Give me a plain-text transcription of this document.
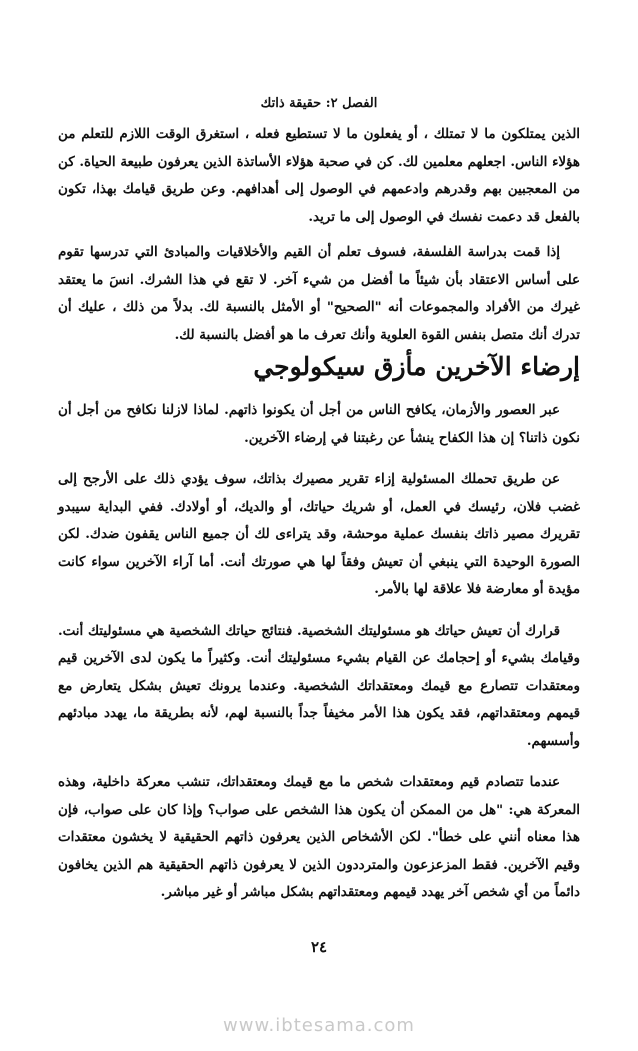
الفصل ٢: حقيقة ذاتك

الذين يمتلكون ما لا تمتلك ، أو يفعلون ما لا تستطيع فعله ، استغرق الوقت اللازم للتعلم من هؤلاء الناس. اجعلهم معلمين لك. كن في صحبة هؤلاء الأساتذة الذين يعرفون طبيعة الحياة. كن من المعجبين بهم وقدرهم وادعمهم في الوصول إلى أهدافهم. وعن طريق قيامك بهذا، تكون بالفعل قد دعمت نفسك في الوصول إلى ما تريد.

إذا قمت بدراسة الفلسفة، فسوف تعلم أن القيم والأخلاقيات والمبادئ التي تدرسها تقوم على أساس الاعتقاد بأن شيئاً ما أفضل من شيء آخر. لا تقع في هذا الشرك. انسَ ما يعتقد غيرك من الأفراد والمجموعات أنه "الصحيح" أو الأمثل بالنسبة لك. بدلاً من ذلك ، عليك أن تدرك أنك متصل بنفس القوة العلوية وأنك تعرف ما هو أفضل بالنسبة لك.

إرضاء الآخرين مأزق سيكولوجي

عبر العصور والأزمان، يكافح الناس من أجل أن يكونوا ذاتهم. لماذا لازلنا نكافح من أجل أن نكون ذاتنا؟ إن هذا الكفاح ينشأ عن رغبتنا في إرضاء الآخرين.

عن طريق تحملك المسئولية إزاء تقرير مصيرك بذاتك، سوف يؤدي ذلك على الأرجح إلى غضب فلان، رئيسك في العمل، أو شريك حياتك، أو والديك، أو أولادك. ففي البداية سيبدو تقريرك مصير ذاتك بنفسك عملية موحشة، وقد يتراءى لك أن جميع الناس يقفون ضدك. لكن الصورة الوحيدة التي ينبغي أن تعيش وفقاً لها هي صورتك أنت. أما آراء الآخرين سواء كانت مؤيدة أو معارضة فلا علاقة لها بالأمر.

قرارك أن تعيش حياتك هو مسئوليتك الشخصية. فنتائج حياتك الشخصية هي مسئوليتك أنت. وقيامك بشيء أو إحجامك عن القيام بشيء مسئوليتك أنت. وكثيراً ما يكون لدى الآخرين قيم ومعتقدات تتصارع مع قيمك ومعتقداتك الشخصية. وعندما يرونك تعيش بشكل يتعارض مع قيمهم ومعتقداتهم، فقد يكون هذا الأمر مخيفاً جداً بالنسبة لهم، لأنه بطريقة ما، يهدد مبادئهم وأسسهم.

عندما تتصادم قيم ومعتقدات شخص ما مع قيمك ومعتقداتك، تنشب معركة داخلية، وهذه المعركة هي: "هل من الممكن أن يكون هذا الشخص على صواب؟ وإذا كان على صواب، فإن هذا معناه أنني على خطأ". لكن الأشخاص الذين يعرفون ذاتهم الحقيقية لا يخشون معتقدات وقيم الآخرين. فقط المزعزعون والمترددون الذين لا يعرفون ذاتهم الحقيقية هم الذين يخافون دائماً من أي شخص آخر يهدد قيمهم ومعتقداتهم بشكل مباشر أو غير مباشر.

٢٤
www.ibtesama.com
